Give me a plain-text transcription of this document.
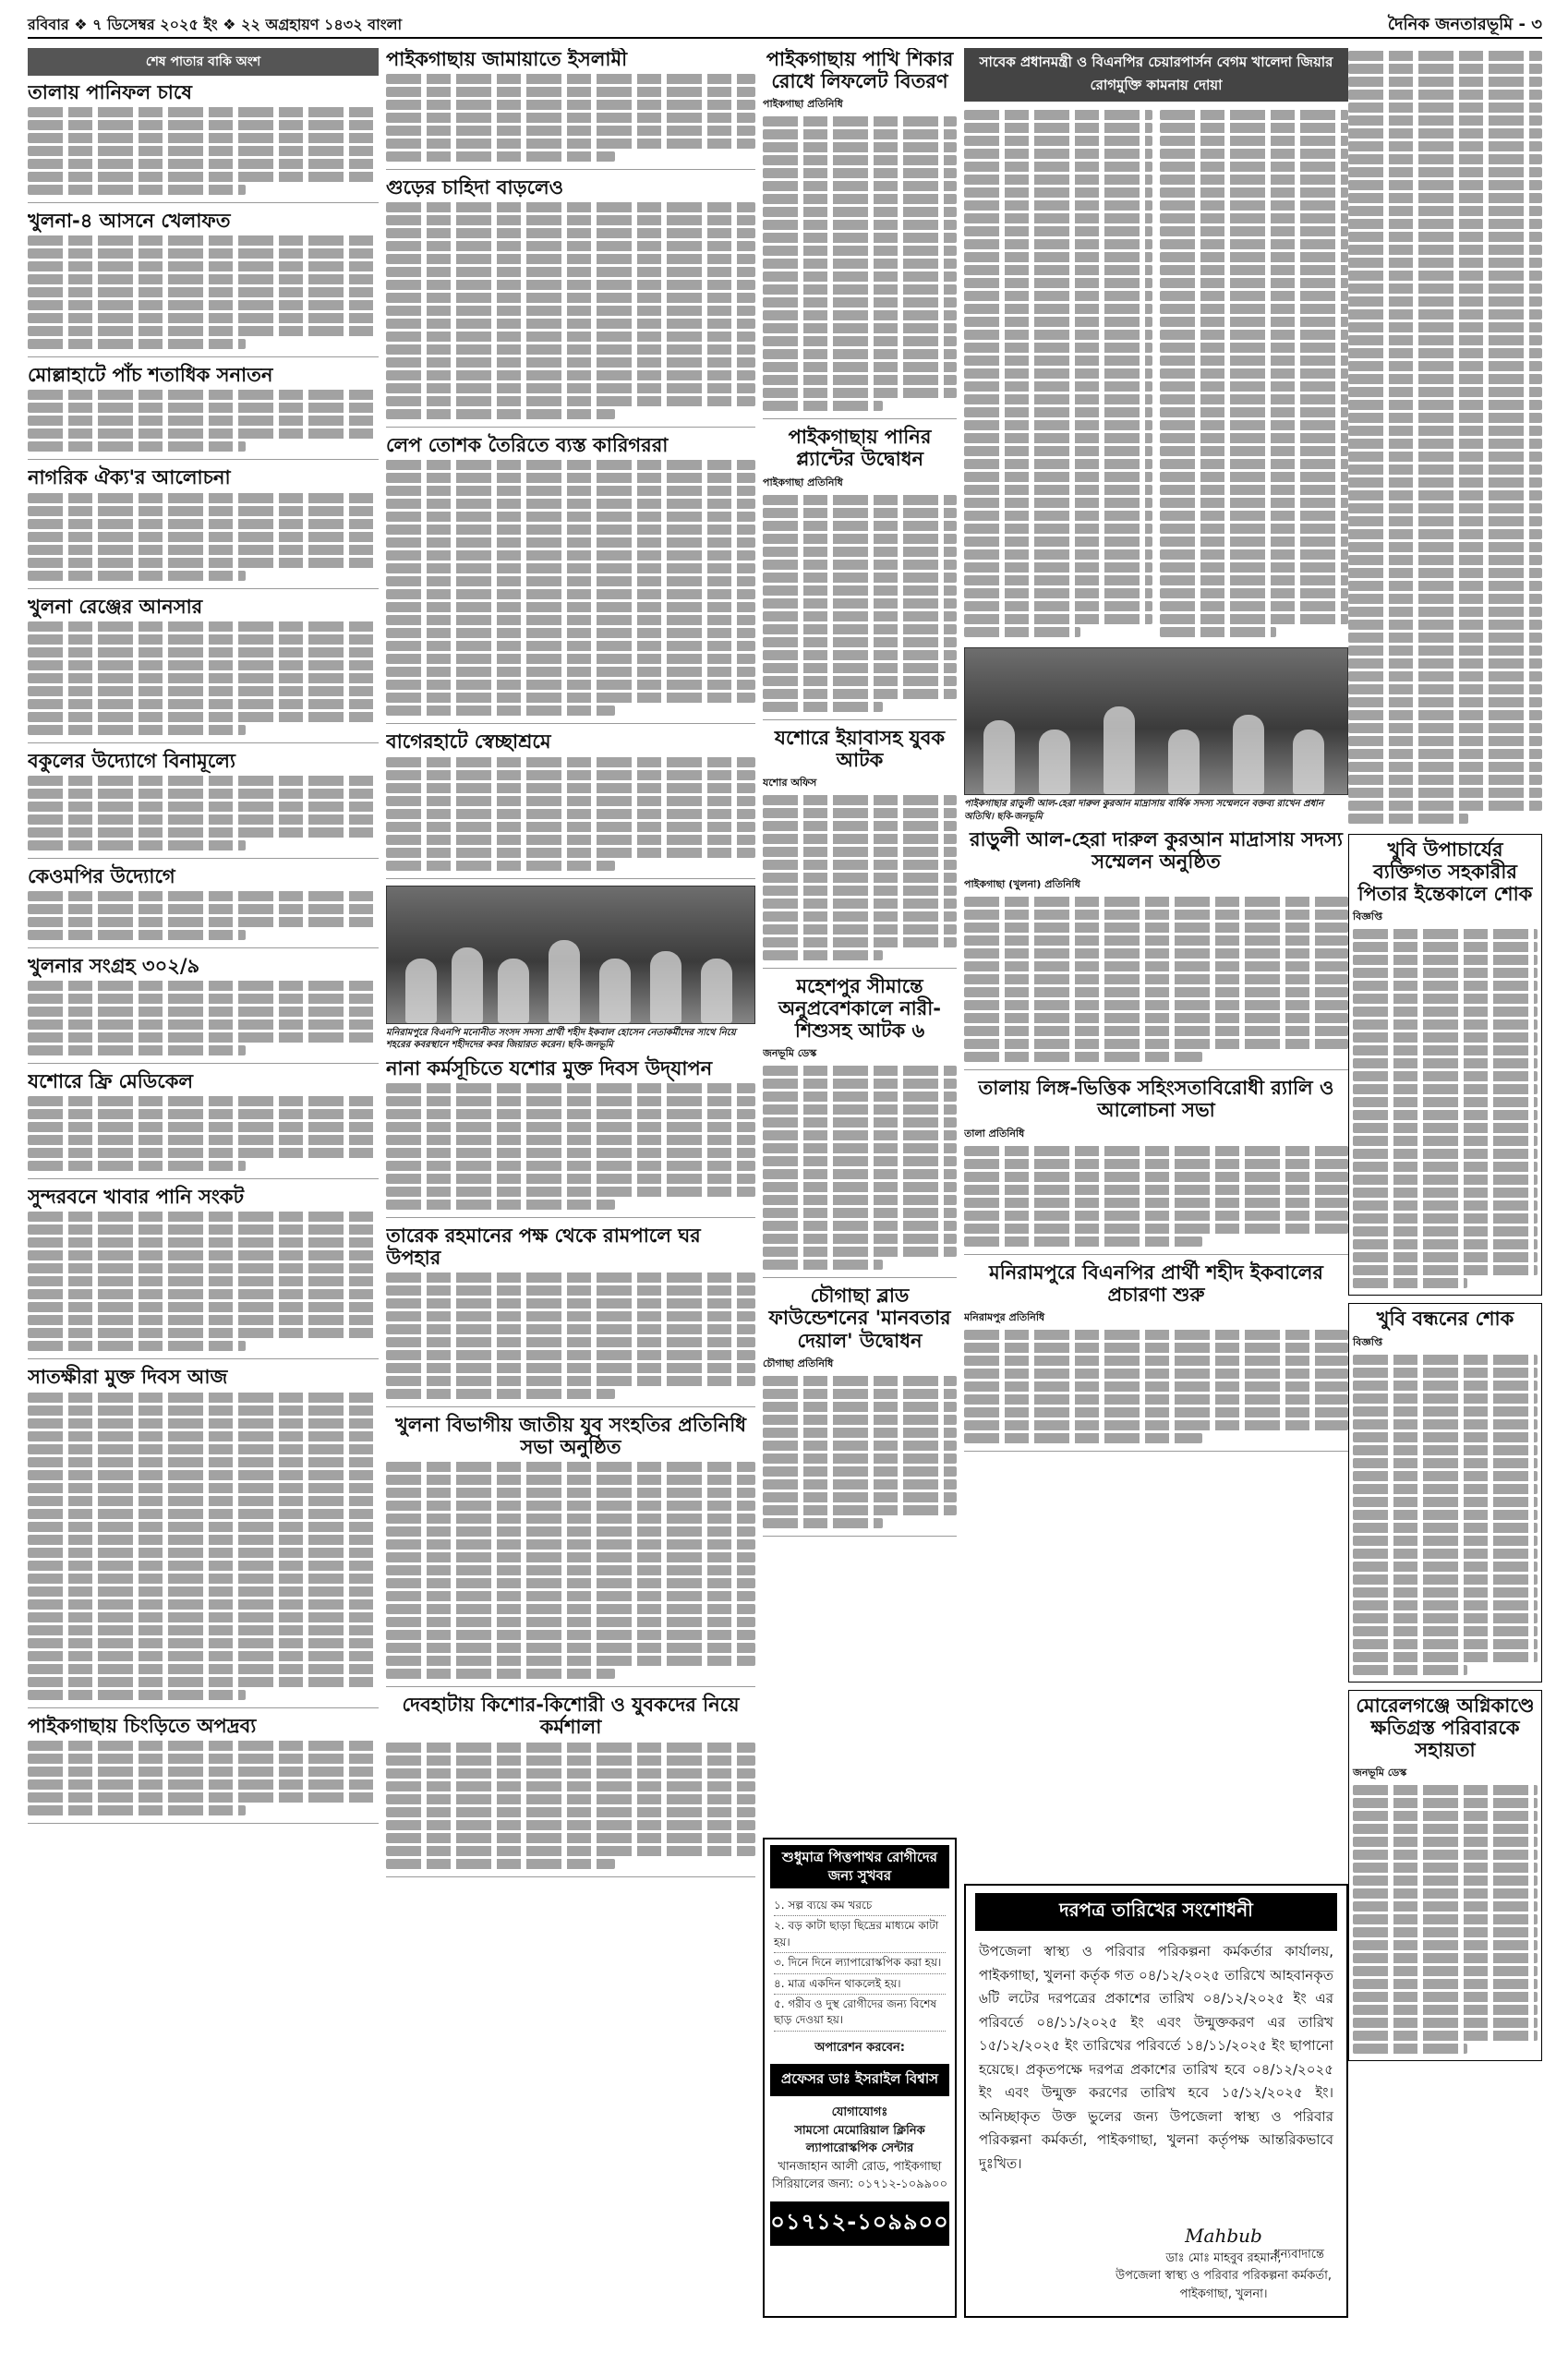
রবিবার ❖ ৭ ডিসেম্বর ২০২৫ ইং ❖ ২২ অগ্রহায়ণ ১৪৩২ বাংলা	দৈনিক জনতারভূমি - ৩
শেষ পাতার বাকি অংশ
তালায় পানিফল চাষে
খুলনা-৪ আসনে খেলাফত
মোল্লাহাটে পাঁচ শতাধিক সনাতন
নাগরিক ঐক্য'র আলোচনা
খুলনা রেঞ্জের আনসার
বকুলের উদ্যোগে বিনামূল্যে
কেওমপির উদ্যোগে
খুলনার সংগ্রহ ৩০২/৯
যশোরে ফ্রি মেডিকেল
সুন্দরবনে খাবার পানি সংকট
সাতক্ষীরা মুক্ত দিবস আজ
পাইকগাছায় চিংড়িতে অপদ্রব্য
পাইকগাছায় জামায়াতে ইসলামী
গুড়ের চাহিদা বাড়লেও
লেপ তোশক তৈরিতে ব্যস্ত কারিগররা
বাগেরহাটে স্বেচ্ছাশ্রমে
মনিরামপুরে বিএনপি মনোনীত সংসদ সদস্য প্রার্থী শহীদ ইকবাল হোসেন নেতাকর্মীদের সাথে নিয়ে শহরের কবরস্থানে শহীদদের কবর জিয়ারত করেন। ছবি-জনভূমি
নানা কর্মসূচিতে যশোর মুক্ত দিবস উদ্‌যাপন
তারেক রহমানের পক্ষ থেকে রামপালে ঘর উপহার
খুলনা বিভাগীয় জাতীয় যুব সংহতির প্রতিনিধি সভা অনুষ্ঠিত
দেবহাটায় কিশোর-কিশোরী ও যুবকদের নিয়ে কর্মশালা
পাইকগাছায় পাখি শিকার রোধে লিফলেট বিতরণ
পাইকগাছা প্রতিনিধি
পাইকগাছায় পানির প্ল্যান্টের উদ্বোধন
পাইকগাছা প্রতিনিধি
যশোরে ইয়াবাসহ যুবক আটক
যশোর অফিস
মহেশপুর সীমান্তে অনুপ্রবেশকালে নারী-শিশুসহ আটক ৬
জনভূমি ডেস্ক
চৌগাছা ব্লাড ফাউন্ডেশনের 'মানবতার দেয়াল' উদ্বোধন
চৌগাছা প্রতিনিধি
সাবেক প্রধানমন্ত্রী ও বিএনপির চেয়ারপার্সন বেগম খালেদা জিয়ার রোগমুক্তি কামনায় দোয়া
পাইকগাছার রাড়ুলী আল-হেরা দারুল কুরআন মাদ্রাসায় বার্ষিক সদস্য সম্মেলনে বক্তব্য রাখেন প্রধান অতিথি। ছবি-জনভূমি
রাড়ুলী আল-হেরা দারুল কুরআন মাদ্রাসায় সদস্য সম্মেলন অনুষ্ঠিত
পাইকগাছা (খুলনা) প্রতিনিধি
তালায় লিঙ্গ-ভিত্তিক সহিংসতাবিরোধী র‌্যালি ও আলোচনা সভা
তালা প্রতিনিধি
মনিরামপুরে বিএনপির প্রার্থী শহীদ ইকবালের প্রচারণা শুরু
মনিরামপুর প্রতিনিধি
খুবি উপাচার্যের ব্যক্তিগত সহকারীর পিতার ইন্তেকালে শোক
বিজ্ঞপ্তি
খুবি বন্ধনের শোক
বিজ্ঞপ্তি
মোরেলগঞ্জে অগ্নিকাণ্ডে ক্ষতিগ্রস্ত পরিবারকে সহায়তা
জনভূমি ডেস্ক
শুধুমাত্র পিত্তপাথর রোগীদের জন্য সুখবর
১. সল্প ব্যয়ে কম খরচে
২. বড় কাটা ছাড়া ছিদ্রের মাধ্যমে কাটা হয়।
৩. দিনে দিনে ল্যাপারোস্কপিক করা হয়।
৪. মাত্র একদিন থাকলেই হয়।
৫. গরীব ও দুস্থ রোগীদের জন্য বিশেষ ছাড় দেওয়া হয়।
অপারেশন করবেন:
প্রফেসর ডাঃ ইসরাইল বিশ্বাস
যোগাযোগঃ
সামসো মেমোরিয়াল ক্লিনিক
ল্যাপারোস্কপিক সেন্টার
খানজাহান আলী রোড, পাইকগাছা
সিরিয়ালের জন্য: ০১৭১২-১০৯৯০০
০১৭১২-১০৯৯০০
দরপত্র তারিখের সংশোধনী
উপজেলা স্বাস্থ্য ও পরিবার পরিকল্পনা কর্মকর্তার কার্যালয়, পাইকগাছা, খুলনা কর্তৃক গত ০৪/১২/২০২৫ তারিখে আহবানকৃত ৬টি লটের দরপত্রের প্রকাশের তারিখ ০৪/১২/২০২৫ ইং এর পরিবর্তে ০৪/১১/২০২৫ ইং এবং উন্মুক্তকরণ এর তারিখ ১৫/১২/২০২৫ ইং তারিখের পরিবর্তে ১৪/১১/২০২৫ ইং ছাপানো হয়েছে। প্রকৃতপক্ষে দরপত্র প্রকাশের তারিখ হবে ০৪/১২/২০২৫ ইং এবং উন্মুক্ত করণের তারিখ হবে ১৫/১২/২০২৫ ইং। অনিচ্ছাকৃত উক্ত ভুলের জন্য উপজেলা স্বাস্থ্য ও পরিবার পরিকল্পনা কর্মকর্তা, পাইকগাছা, খুলনা কর্তৃপক্ষ আন্তরিকভাবে দুঃখিত।
ধন্যবাদান্তে
Mahbub
ডাঃ মোঃ মাহবুব রহমান,
উপজেলা স্বাস্থ্য ও পরিবার পরিকল্পনা কর্মকর্তা,
পাইকগাছা, খুলনা।
